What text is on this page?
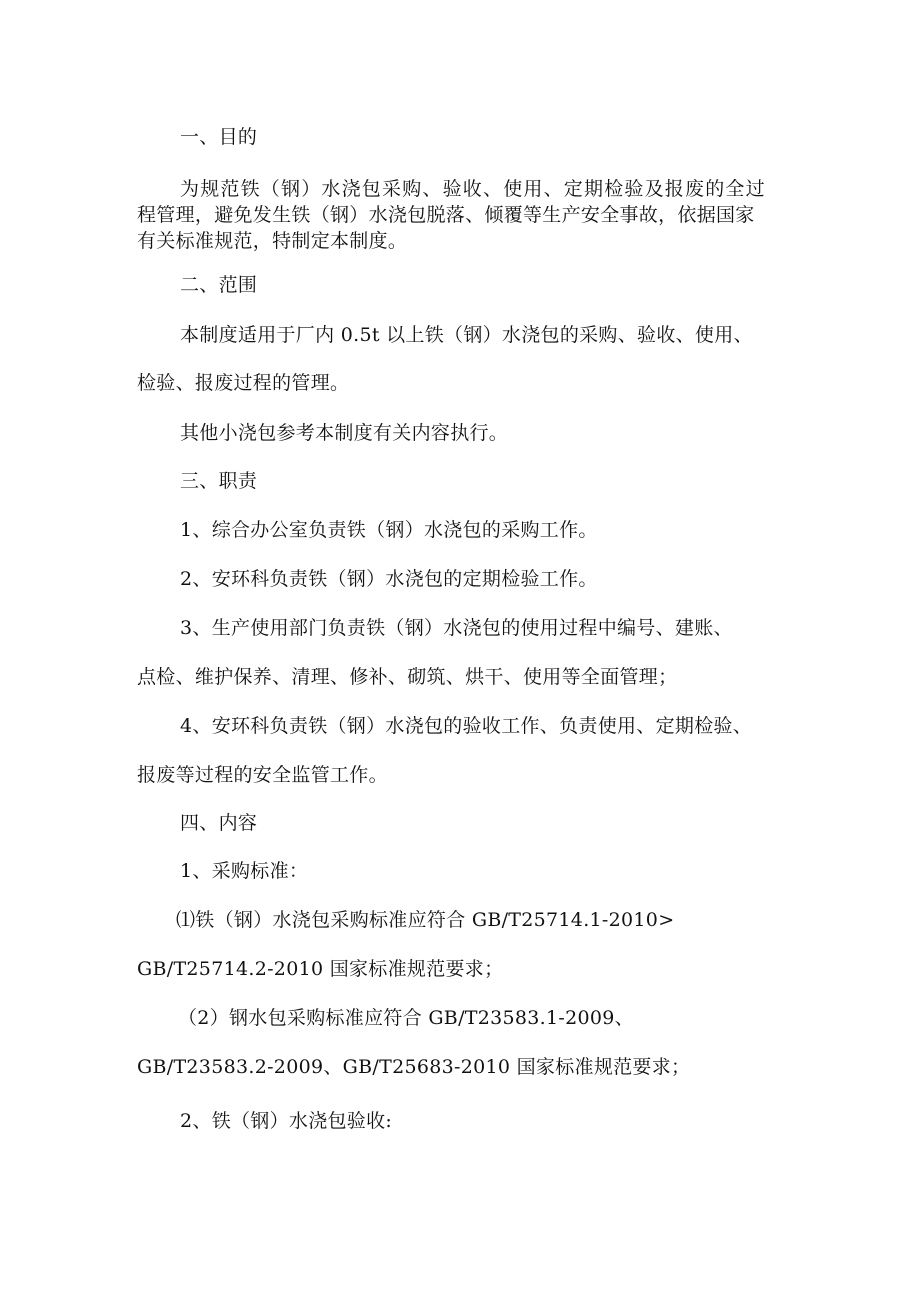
一、目的
为规范铁（钢）水浇包采购、验收、使用、定期检验及报废的全过
程管理，避免发生铁（钢）水浇包脱落、倾覆等生产安全事故，依据国家
有关标准规范，特制定本制度。
二、范围
本制度适用于厂内 0.5t 以上铁（钢）水浇包的采购、验收、使用、
检验、报废过程的管理。
其他小浇包参考本制度有关内容执行。
三、职责
1、综合办公室负责铁（钢）水浇包的采购工作。
2、安环科负责铁（钢）水浇包的定期检验工作。
3、生产使用部门负责铁（钢）水浇包的使用过程中编号、建账、
点检、维护保养、清理、修补、砌筑、烘干、使用等全面管理；
4、安环科负责铁（钢）水浇包的验收工作、负责使用、定期检验、
报废等过程的安全监管工作。
四、内容
1、采购标准：
⑴铁（钢）水浇包采购标准应符合 GB/T25714.1-2010>
GB/T25714.2-2010 国家标准规范要求；
（2）钢水包采购标准应符合 GB/T23583.1-2009、
GB/T23583.2-2009、GB/T25683-2010 国家标准规范要求；
2、铁（钢）水浇包验收:
